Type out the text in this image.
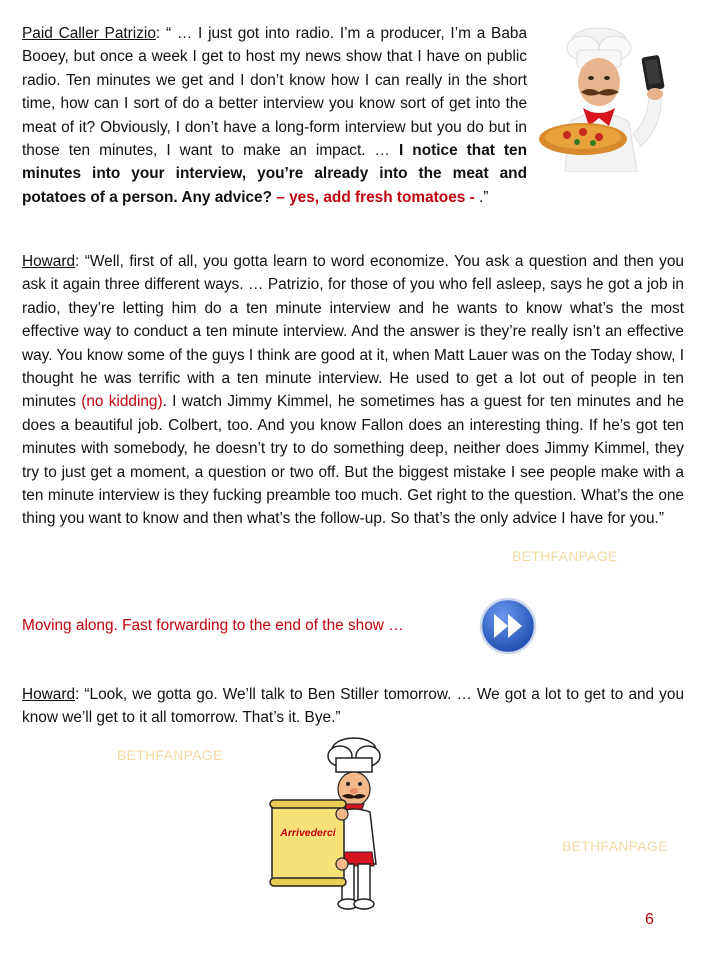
Paid Caller Patrizio: “ … I just got into radio. I’m a producer, I’m a Baba Booey, but once a week I get to host my news show that I have on public radio. Ten minutes we get and I don’t know how I can really in the short time, how can I sort of do a better interview you know sort of get into the meat of it? Obviously, I don’t have a long-form interview but you do but in those ten minutes, I want to make an impact. … I notice that ten minutes into your interview, you’re already into the meat and potatoes of a person. Any advice? – yes, add fresh tomatoes - .”
Howard: “Well, first of all, you gotta learn to word economize. You ask a question and then you ask it again three different ways. … Patrizio, for those of you who fell asleep, says he got a job in radio, they’re letting him do a ten minute interview and he wants to know what’s the most effective way to conduct a ten minute interview. And the answer is they’re really isn’t an effective way. You know some of the guys I think are good at it, when Matt Lauer was on the Today show, I thought he was terrific with a ten minute interview. He used to get a lot out of people in ten minutes (no kidding). I watch Jimmy Kimmel, he sometimes has a guest for ten minutes and he does a beautiful job. Colbert, too. And you know Fallon does an interesting thing. If he’s got ten minutes with somebody, he doesn’t try to do something deep, neither does Jimmy Kimmel, they try to just get a moment, a question or two off. But the biggest mistake I see people make with a ten minute interview is they fucking preamble too much. Get right to the question. What’s the one thing you want to know and then what’s the follow-up. So that’s the only advice I have for you.”
BETHFANPAGE
Moving along. Fast forwarding to the end of the show …
Howard: “Look, we gotta go. We’ll talk to Ben Stiller tomorrow. … We got a lot to get to and you know we’ll get to it all tomorrow. That’s it. Bye.”
BETHFANPAGE
Arrivederci
BETHFANPAGE
6
